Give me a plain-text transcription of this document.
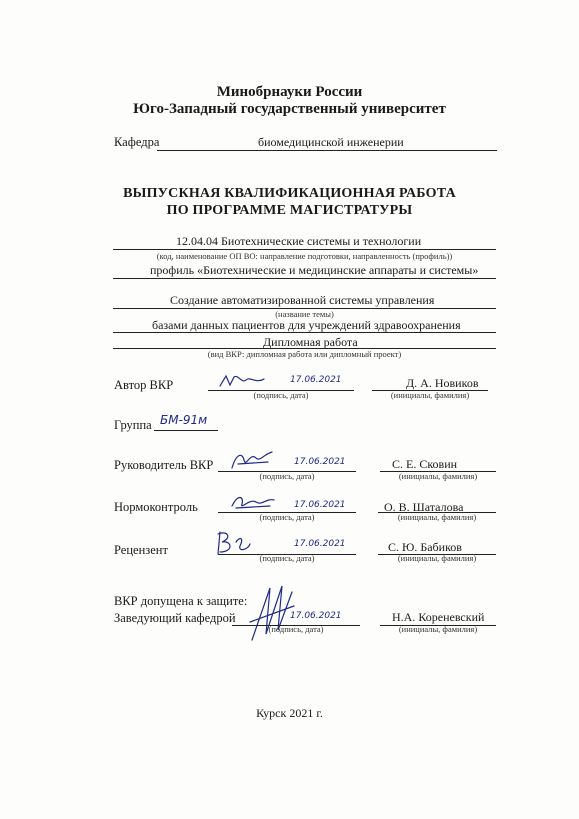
Минобрнауки России
Юго-Западный государственный университет
Кафедра	биомедицинской инженерии
ВЫПУСКНАЯ КВАЛИФИКАЦИОННАЯ РАБОТА
ПО ПРОГРАММЕ МАГИСТРАТУРЫ
12.04.04 Биотехнические системы и технологии
(код, наименование ОП ВО: направление подготовки, направленность (профиль))
профиль «Биотехнические и медицинские аппараты и системы»
Создание автоматизированной системы управления
(название темы)
базами данных пациентов для учреждений здравоохранения
Дипломная работа
(вид ВКР: дипломная работа или дипломный проект)
Автор ВКР	17.06.2021
(подпись, дата)
Д. А. Новиков
(инициалы, фамилия)
Группа БМ-91м
Руководитель ВКР	17.06.2021
(подпись, дата)
С. Е. Сковин
(инициалы, фамилия)
Нормоконтроль	17.06.2021
(подпись, дата)
О. В. Шаталова
(инициалы, фамилия)
Рецензент	17.06.2021
(подпись, дата)
С. Ю. Бабиков
(инициалы, фамилия)
ВКР допущена к защите:
Заведующий кафедрой	17.06.2021
(подпись, дата)
Н.А. Кореневский
(инициалы, фамилия)
Курск 2021 г.
